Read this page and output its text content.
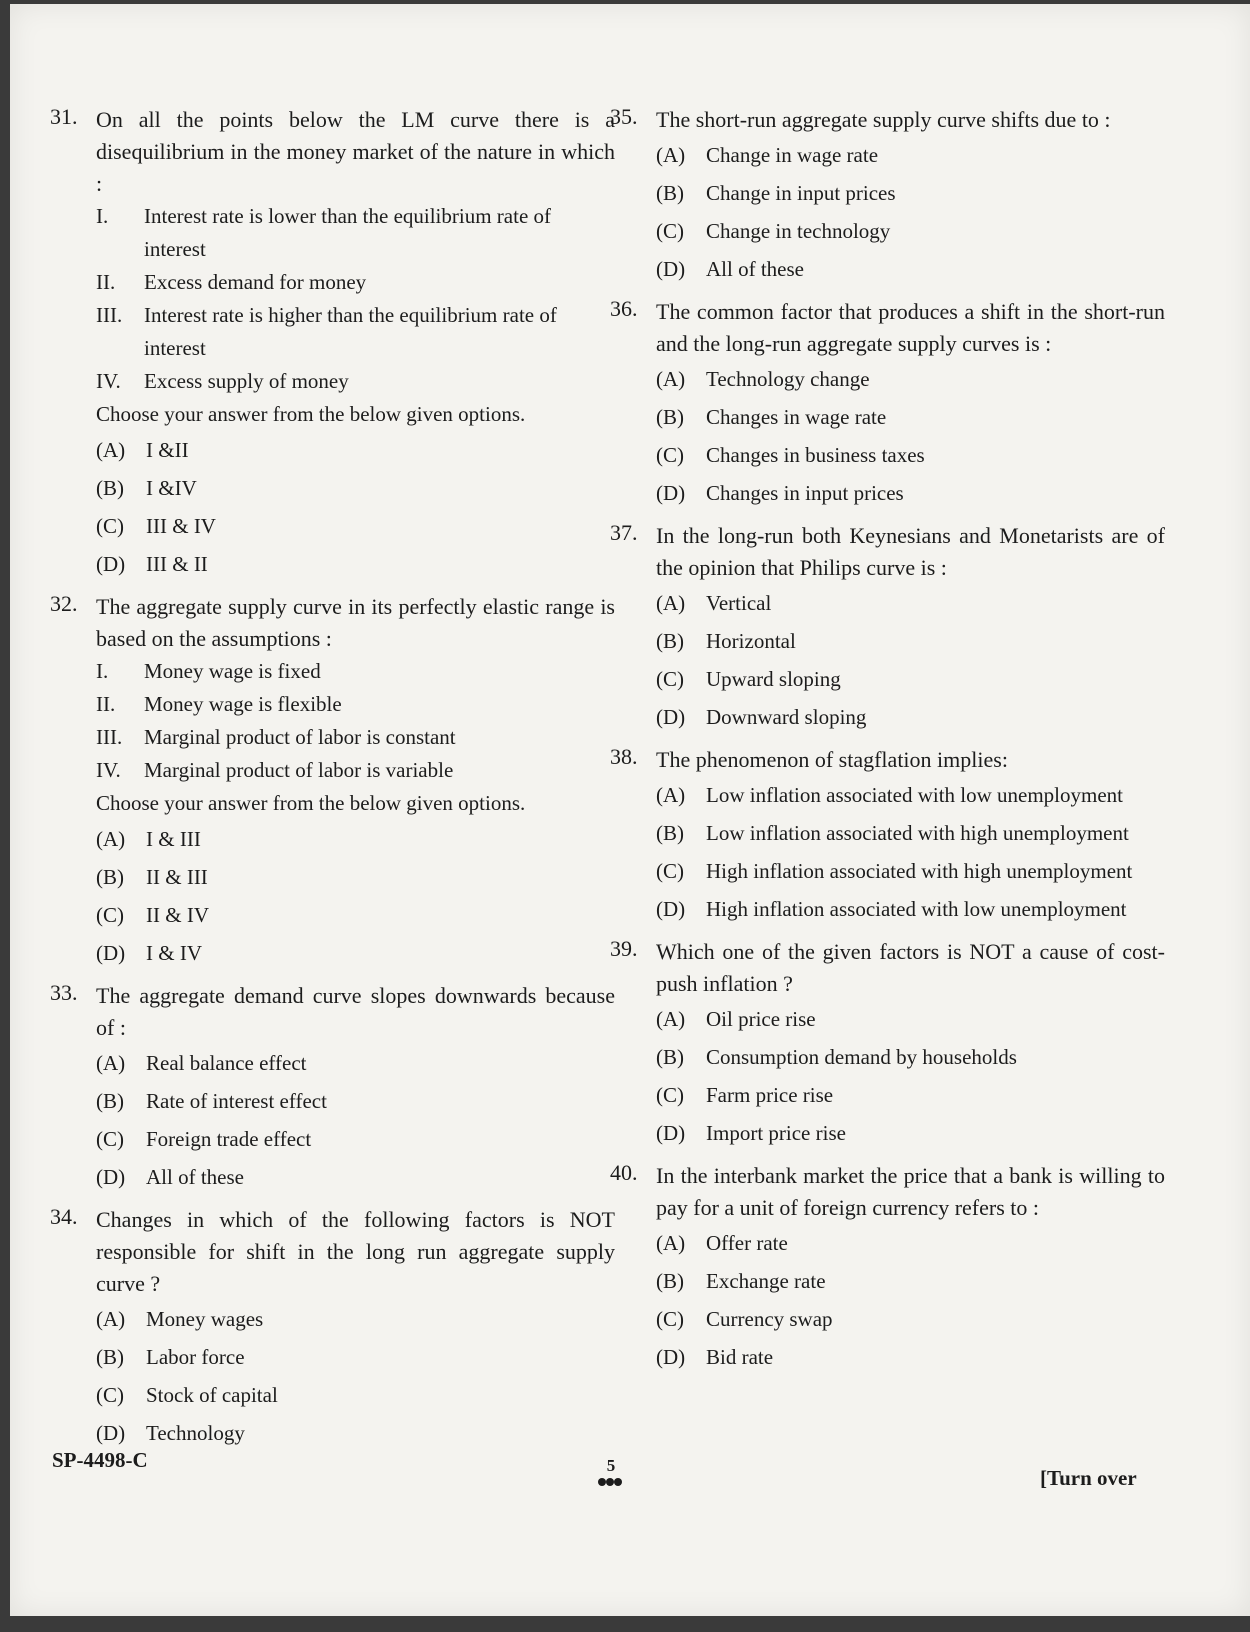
31. On all the points below the LM curve there is a disequilibrium in the money market of the nature in which :
I. Interest rate is lower than the equilibrium rate of interest
II. Excess demand for money
III. Interest rate is higher than the equilibrium rate of interest
IV. Excess supply of money
Choose your answer from the below given options.
(A) I &II
(B) I &IV
(C) III & IV
(D) III & II
32. The aggregate supply curve in its perfectly elastic range is based on the assumptions :
I. Money wage is fixed
II. Money wage is flexible
III. Marginal product of labor is constant
IV. Marginal product of labor is variable
Choose your answer from the below given options.
(A) I & III
(B) II & III
(C) II & IV
(D) I & IV
33. The aggregate demand curve slopes downwards because of :
(A) Real balance effect
(B) Rate of interest effect
(C) Foreign trade effect
(D) All of these
34. Changes in which of the following factors is NOT responsible for shift in the long run aggregate supply curve ?
(A) Money wages
(B) Labor force
(C) Stock of capital
(D) Technology
35. The short-run aggregate supply curve shifts due to :
(A) Change in wage rate
(B) Change in input prices
(C) Change in technology
(D) All of these
36. The common factor that produces a shift in the short-run and the long-run aggregate supply curves is :
(A) Technology change
(B) Changes in wage rate
(C) Changes in business taxes
(D) Changes in input prices
37. In the long-run both Keynesians and Monetarists are of the opinion that Philips curve is :
(A) Vertical
(B) Horizontal
(C) Upward sloping
(D) Downward sloping
38. The phenomenon of stagflation implies:
(A) Low inflation associated with low unemployment
(B) Low inflation associated with high unemployment
(C) High inflation associated with high unemployment
(D) High inflation associated with low unemployment
39. Which one of the given factors is NOT a cause of cost-push inflation ?
(A) Oil price rise
(B) Consumption demand by households
(C) Farm price rise
(D) Import price rise
40. In the interbank market the price that a bank is willing to pay for a unit of foreign currency refers to :
(A) Offer rate
(B) Exchange rate
(C) Currency swap
(D) Bid rate
SP-4498-C	5
[Turn over
